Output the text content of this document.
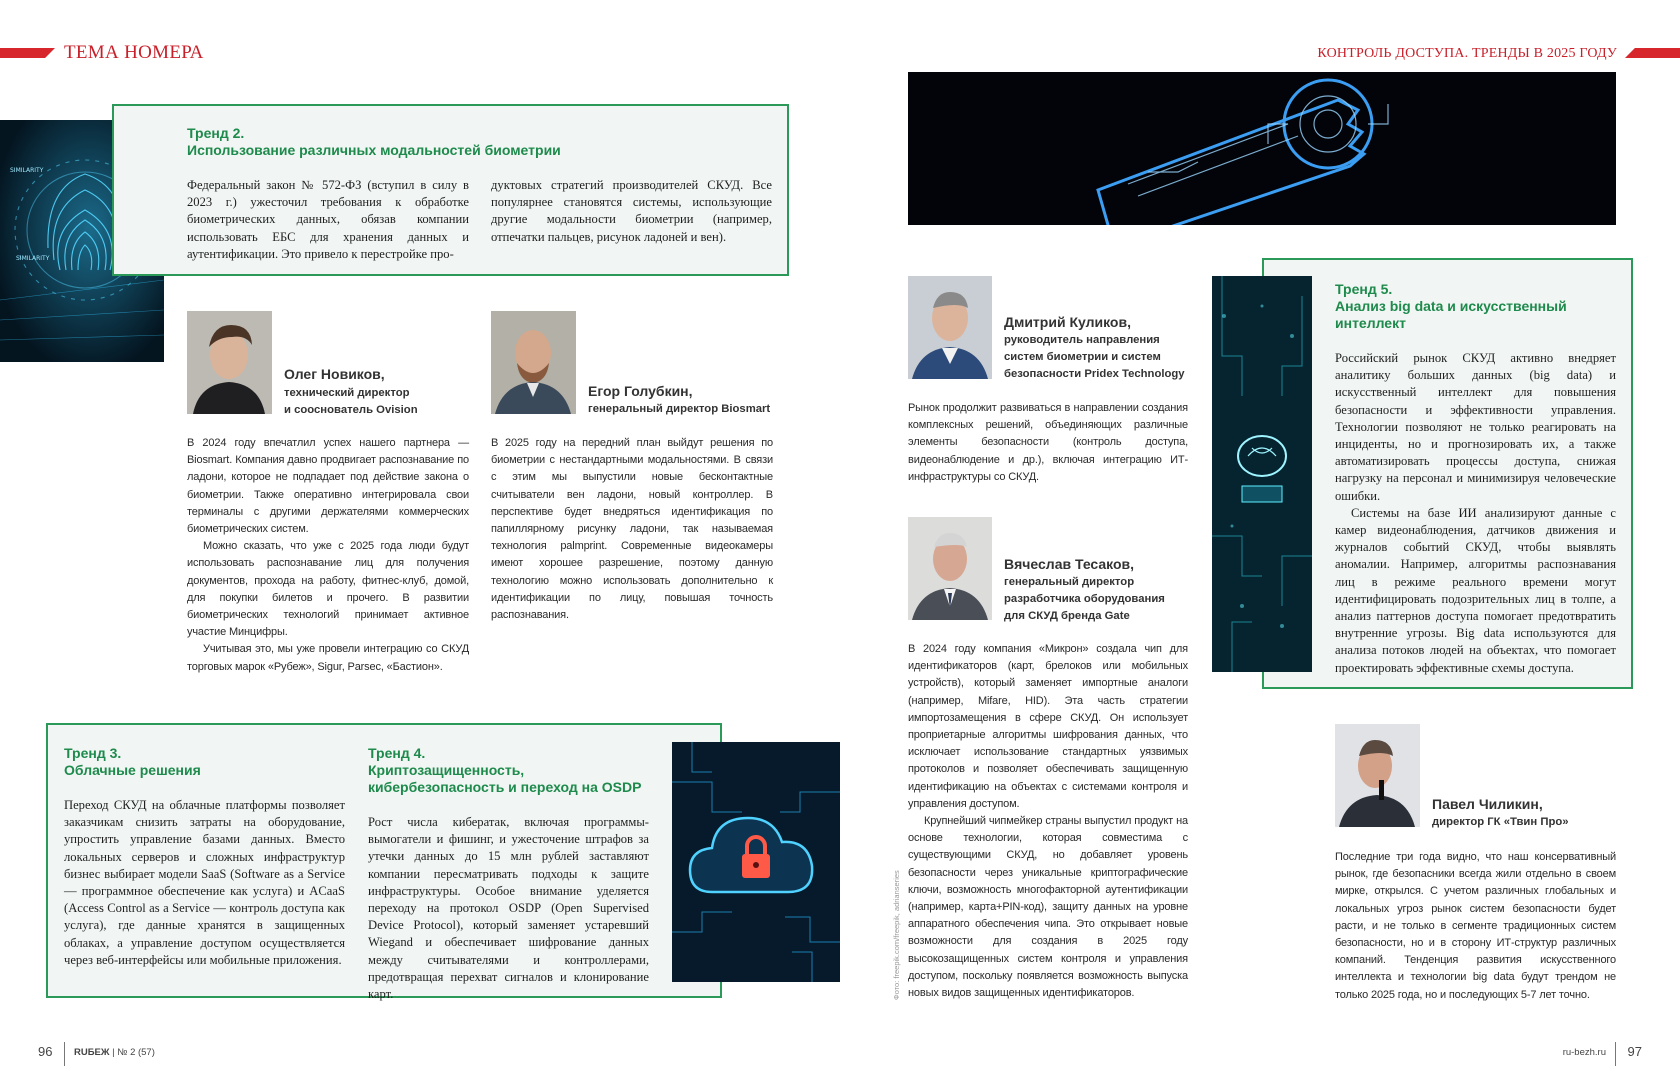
ТЕМА НОМЕРА	КОНТРОЛЬ ДОСТУПА. ТРЕНДЫ В 2025 ГОДУ
SIMILARITY
SIMILARITY
Тренд 2.
Использование различных модальностей биометрии
Федеральный закон № 572-ФЗ (вступил в силу в 2023 г.) ужесточил требования к обработке биометрических данных, обязав компании использовать ЕБС для хранения данных и аутентификации. Это привело к перестройке про-
дуктовых стратегий производителей СКУД. Все популярнее становятся системы, использующие другие модальности биометрии (например, отпечатки пальцев, рисунок ладоней и вен).
Олег Новиков,
технический директор
и сооснователь Ovision

В 2024 году впечатлил успех нашего партнера — Biosmart. Компания давно продвигает распознавание по ладони, которое не подпадает под действие закона о биометрии. Также оперативно интегрировала свои терминалы с другими держателями коммерческих биометрических систем.

Можно сказать, что уже с 2025 года люди будут использовать распознавание лиц для получения документов, прохода на работу, фитнес-клуб, домой, для покупки билетов и прочего. В развитии биометрических технологий принимает активное участие Минцифры.

Учитывая это, мы уже провели интеграцию со СКУД торговых марок «Рубеж», Sigur, Parsec, «Бастион».

Егор Голубкин,
генеральный директор Biosmart

В 2025 году на передний план выйдут решения по биометрии с нестандартными модальностями. В связи с этим мы выпустили новые бесконтактные считыватели вен ладони, новый контроллер. В перспективе будет внедряться идентификация по папиллярному рисунку ладони, так называемая технология palmprint. Современные видеокамеры имеют хорошее разрешение, поэтому данную технологию можно использовать дополнительно к идентификации по лицу, повышая точность распознавания.

Тренд 3.
Облачные решения
Переход СКУД на облачные платформы позволяет заказчикам снизить затраты на оборудование, упростить управление базами данных. Вместо локальных серверов и сложных инфраструктур бизнес выбирает модели SaaS (Software as a Service — программное обеспечение как услуга) и ACaaS (Access Control as a Service — контроль доступа как услуга), где данные хранятся в защищенных облаках, а управление доступом осуществляется через веб-интерфейсы или мобильные приложения.
Тренд 4.
Криптозащищенность,
кибербезопасность и переход на OSDP
Рост числа кибератак, включая программы-вымогатели и фишинг, и ужесточение штрафов за утечки данных до 15 млн рублей заставляют компании пересматривать подходы к защите инфраструктуры. Особое внимание уделяется переходу на протокол OSDP (Open Supervised Device Protocol), который заменяет устаревший Wiegand и обеспечивает шифрование данных между считывателями и контроллерами, предотвращая перехват сигналов и клонирование карт.
Дмитрий Куликов,
руководитель направления
систем биометрии и систем
безопасности Pridex Technology

Рынок продолжит развиваться в направлении создания комплексных решений, объединяющих различные элементы безопасности (контроль доступа, видеонаблюдение и др.), включая интеграцию ИТ-инфраструктуры со СКУД.

Вячеслав Тесаков,
генеральный директор
разработчика оборудования
для СКУД бренда Gate

В 2024 году компания «Микрон» создала чип для идентификаторов (карт, брелоков или мобильных устройств), который заменяет импортные аналоги (например, Mifare, HID). Эта часть стратегии импортозамещения в сфере СКУД. Он использует проприетарные алгоритмы шифрования данных, что исключает использование стандартных уязвимых протоколов и позволяет обеспечивать защищенную идентификацию на объектах с системами контроля и управления доступом.

Крупнейший чипмейкер страны выпустил продукт на основе технологии, которая совместима с существующими СКУД, но добавляет уровень безопасности через уникальные криптографические ключи, возможность многофакторной аутентификации (например, карта+PIN-код), защиту данных на уровне аппаратного обеспечения чипа. Это открывает новые возможности для создания в 2025 году высокозащищенных систем контроля и управления доступом, поскольку появляется возможность выпуска новых видов защищенных идентификаторов.

Фото: freepik.com/freepik, adrianseries
Тренд 5.
Анализ big data и искусственный
интеллект

Российский рынок СКУД активно внедряет аналитику больших данных (big data) и искусственный интеллект для повышения безопасности и эффективности управления. Технологии позволяют не только реагировать на инциденты, но и прогнозировать их, а также автоматизировать процессы доступа, снижая нагрузку на персонал и минимизируя человеческие ошибки.

Системы на базе ИИ анализируют данные с камер видеонаблюдения, датчиков движения и журналов событий СКУД, чтобы выявлять аномалии. Например, алгоритмы распознавания лиц в режиме реального времени могут идентифицировать подозрительных лиц в толпе, а анализ паттернов доступа помогает предотвратить внутренние угрозы. Big data используются для анализа потоков людей на объектах, что помогает проектировать эффективные схемы доступа.

Павел Чиликин,
директор ГК «Твин Про»

Последние три года видно, что наш консервативный рынок, где безопасники всегда жили отдельно в своем мирке, открылся. С учетом различных глобальных и локальных угроз рынок систем безопасности будет расти, и не только в сегменте традиционных систем безопасности, но и в сторону ИТ-структур различных компаний. Тенденция развития искусственного интеллекта и технологии big data будут трендом не только 2025 года, но и последующих 5-7 лет точно.

96 RUБЕЖ | № 2 (57)	ru-bezh.ru 97
